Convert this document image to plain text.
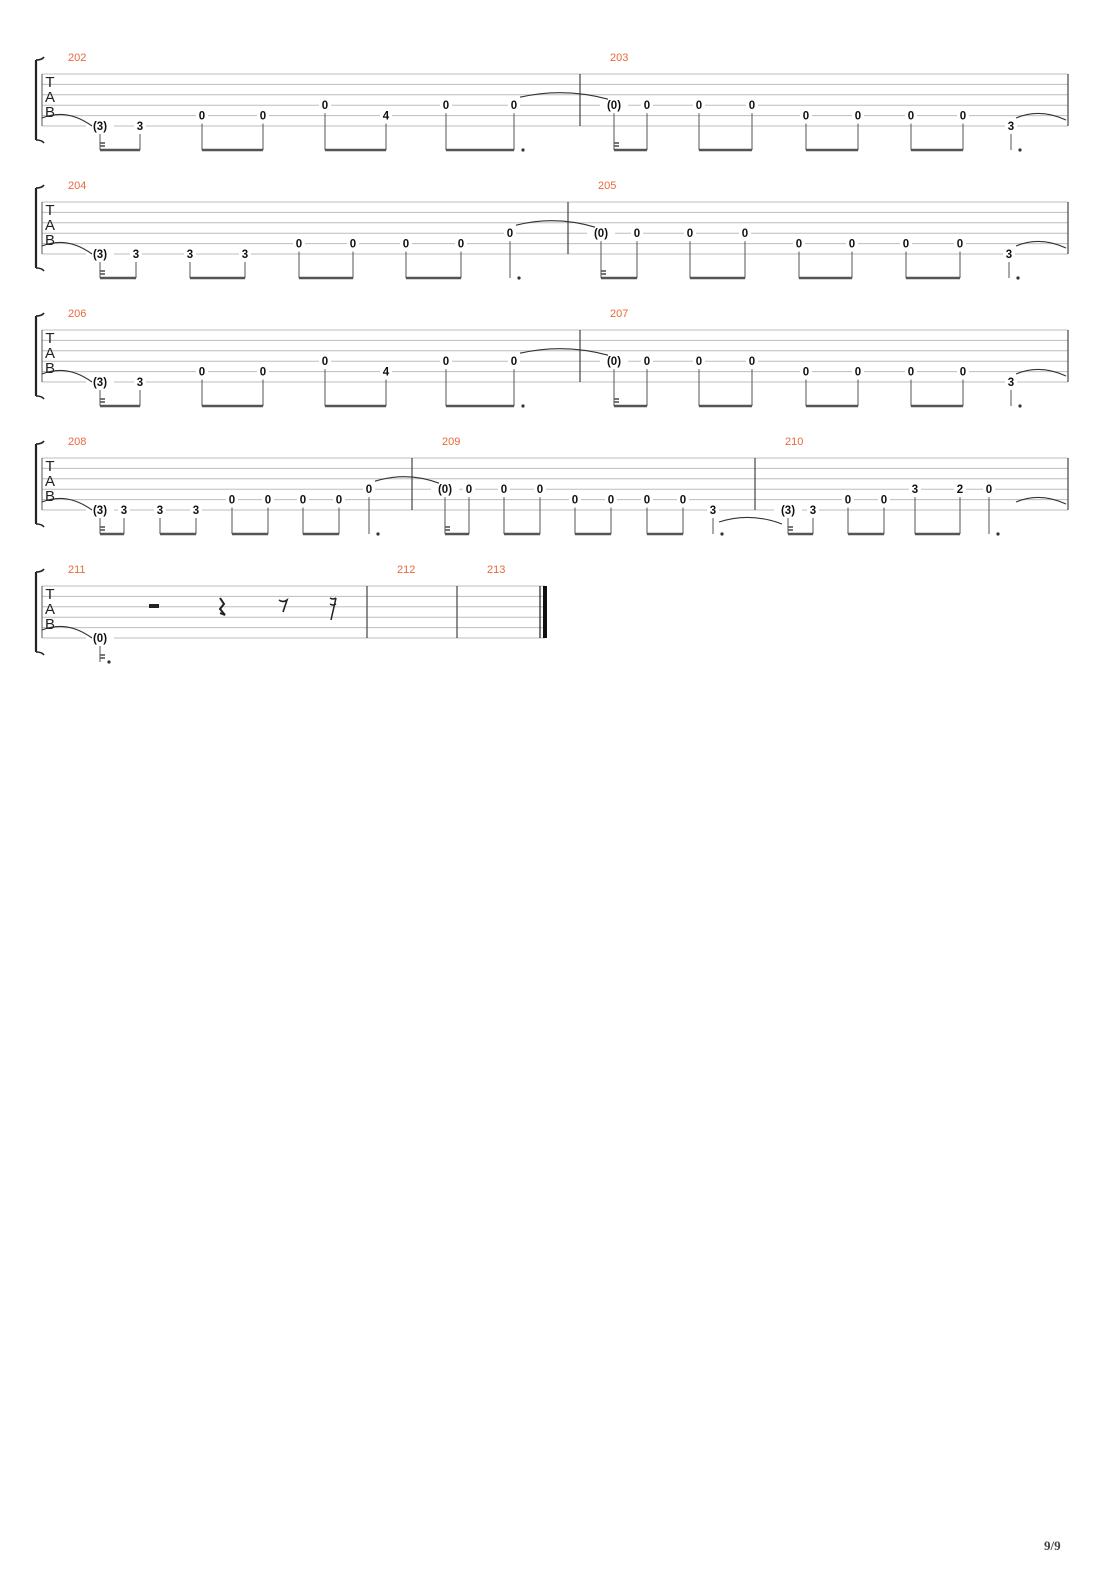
T
A
B
202
(3)	3
0	0
0
4
0	0
203
(0) 0	0	0
0	0	0	0
3
T
A
B
204
(3) 3	3	3
0	0	0	0
0
205
(0) 0	0	0
0	0	0	0
3
T
A
B
206
(3)	3
0	0
0
4
0	0
207
(0) 0	0	0
0	0	0	0
3
T
A
B
208
(3) 3	3	3
0	0 0	0
0
209
(0) 0 0	0
0	0	0	0
3
210
(3) 3
0	0
3	2 0
T
A
B
211
(0)
212	213
9/9
